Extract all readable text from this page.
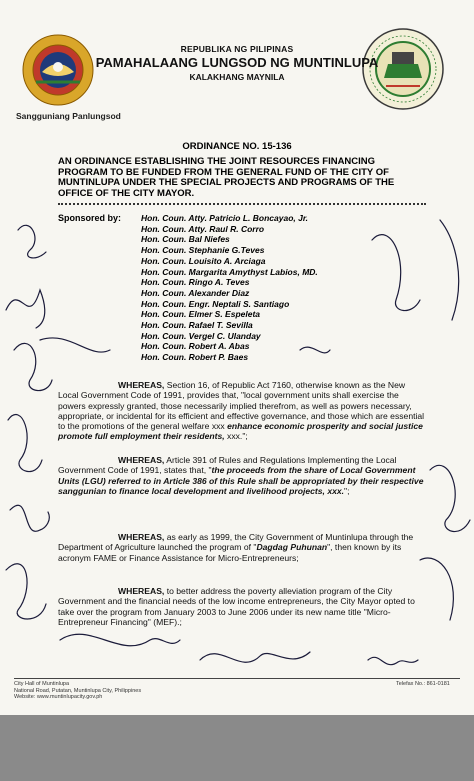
REPUBLIKA NG PILIPINAS
PAMAHALAANG LUNGSOD NG MUNTINLUPA
KALAKHANG MAYNILA
Sangguniang Panlungsod
ORDINANCE NO. 15-136
AN ORDINANCE ESTABLISHING THE JOINT RESOURCES FINANCING PROGRAM TO BE FUNDED FROM THE GENERAL FUND OF THE CITY OF MUNTINLUPA UNDER THE SPECIAL PROJECTS AND PROGRAMS OF THE OFFICE OF THE CITY MAYOR.
Sponsored by: Hon. Coun. Atty. Patricio L. Boncayao, Jr.
Hon. Coun. Atty. Raul R. Corro
Hon. Coun. Bal Niefes
Hon. Coun. Stephanie G.Teves
Hon. Coun. Louisito A. Arciaga
Hon. Coun. Margarita Amythyst Labios, MD.
Hon. Coun. Ringo A. Teves
Hon. Coun. Alexander Diaz
Hon. Coun. Engr. Neptali S. Santiago
Hon. Coun. Elmer S. Espeleta
Hon. Coun. Rafael T. Sevilla
Hon. Coun. Vergel C. Ulanday
Hon. Coun. Robert A. Abas
Hon. Coun. Robert P. Baes
WHEREAS, Section 16, of Republic Act 7160, otherwise known as the New Local Government Code of 1991, provides that, "local government units shall exercise the powers expressly granted, those necessarily implied therefrom, as well as powers necessary, appropriate, or incidental for its efficient and effective governance, and those which are essential to the promotions of the general welfare xxx enhance economic prosperity and social justice promote full employment their residents, xxx.";
WHEREAS, Article 391 of Rules and Regulations Implementing the Local Government Code of 1991, states that, "the proceeds from the share of Local Government Units (LGU) referred to in Article 386 of this Rule shall be appropriated by their respective sanggunian to finance local development and livelihood projects, xxx.";
WHEREAS, as early as 1999, the City Government of Muntinlupa through the Department of Agriculture launched the program of "Dagdag Puhunan", then known by its acronym FAME or Finance Assistance for Micro-Entrepreneurs;
WHEREAS, to better address the poverty alleviation program of the City Government and the financial needs of the low income entrepreneurs, the City Mayor opted to take over the program from January 2003 to June 2006 under its new name title "Micro-Entrepreneur Financing" (MEF).;
City Hall of Muntinlupa
National Road, Putatan, Muntinlupa City, Philippines
Website: www.muntinlupacity.gov.ph
Telefax No.: 861-0181
